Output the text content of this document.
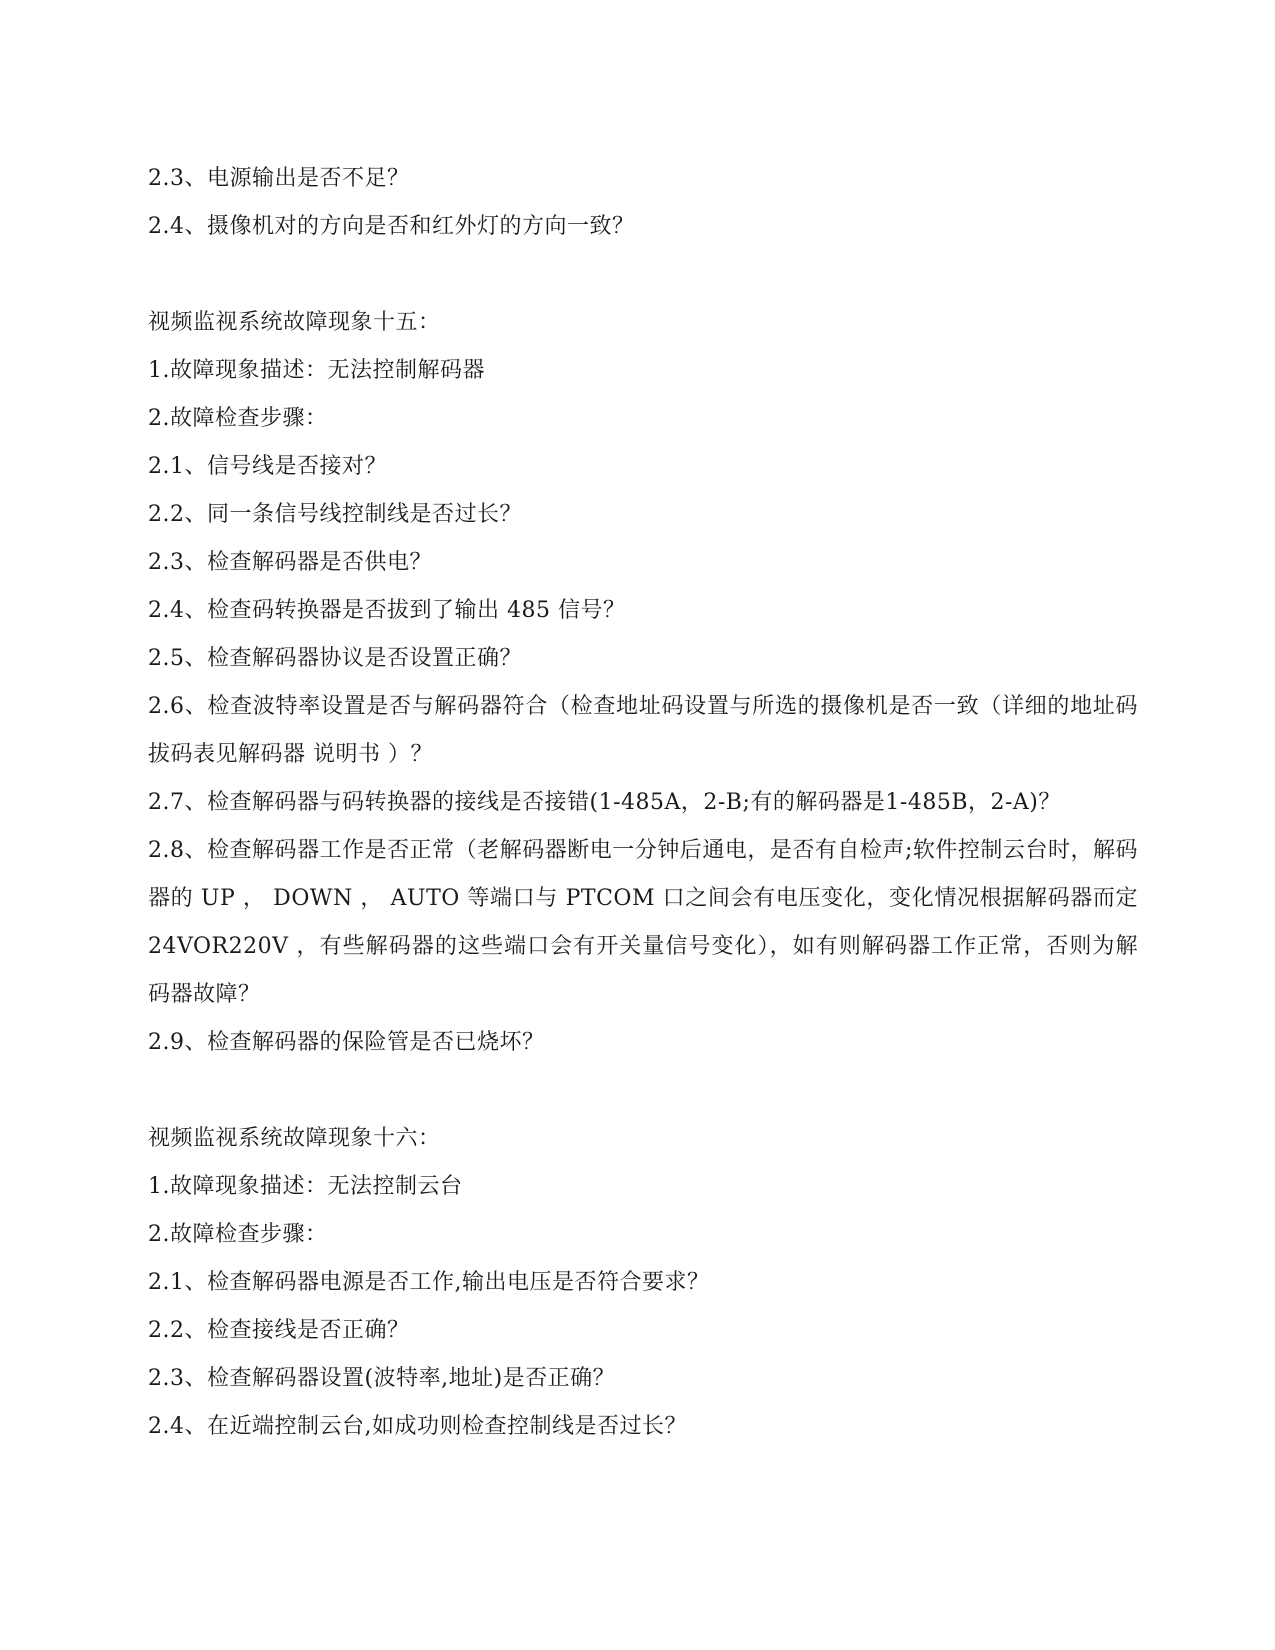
2.3、电源输出是否不足？
2.4、摄像机对的方向是否和红外灯的方向一致？
视频监视系统故障现象十五：
1.故障现象描述：无法控制解码器
2.故障检查步骤：
2.1、信号线是否接对？
2.2、同一条信号线控制线是否过长？
2.3、检查解码器是否供电？
2.4、检查码转换器是否拔到了输出 485 信号？
2.5、检查解码器协议是否设置正确？
2.6、检查波特率设置是否与解码器符合（检查地址码设置与所选的摄像机是否一致（详细的地址码拔码表见解码器 说明书 ）？
2.7、检查解码器与码转换器的接线是否接错(1-485A，2-B;有的解码器是1-485B，2-A)？
2.8、检查解码器工作是否正常（老解码器断电一分钟后通电，是否有自检声;软件控制云台时，解码器的 UP ， DOWN ， AUTO 等端口与 PTCOM 口之间会有电压变化，变化情况根据解码器而定 24VOR220V ，有些解码器的这些端口会有开关量信号变化），如有则解码器工作正常，否则为解码器故障？
2.9、检查解码器的保险管是否已烧坏？
视频监视系统故障现象十六：
1.故障现象描述：无法控制云台
2.故障检查步骤：
2.1、检查解码器电源是否工作,输出电压是否符合要求？
2.2、检查接线是否正确？
2.3、检查解码器设置(波特率,地址)是否正确？
2.4、在近端控制云台,如成功则检查控制线是否过长？
